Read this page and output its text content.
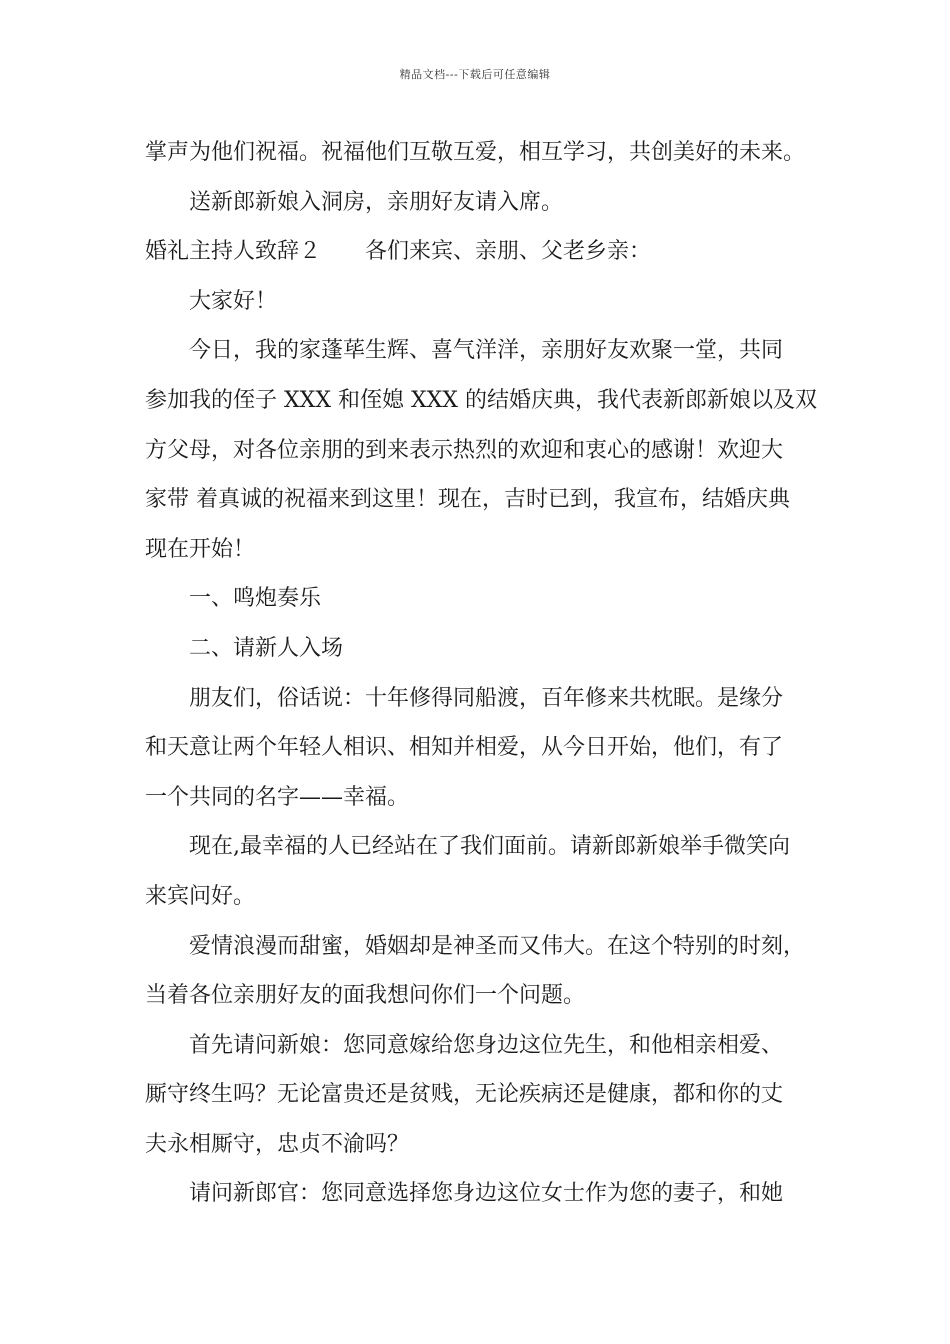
精品文档---下载后可任意编辑
掌声为他们祝福。祝福他们互敬互爱，相互学习，共创美好的未来。
送新郎新娘入洞房，亲朋好友请入席。
婚礼主持人致辞２ 各们来宾、亲朋、父老乡亲：
大家好！
今日，我的家蓬荜生辉、喜气洋洋，亲朋好友欢聚一堂，共同
参加我的侄子 XXX 和侄媳 XXX 的结婚庆典，我代表新郎新娘以及双
方父母，对各位亲朋的到来表示热烈的欢迎和衷心的感谢！欢迎大
家带 着真诚的祝福来到这里！现在，吉时已到，我宣布，结婚庆典
现在开始！
一、鸣炮奏乐
二、请新人入场
朋友们，俗话说：十年修得同船渡，百年修来共枕眠。是缘分
和天意让两个年轻人相识、相知并相爱，从今日开始，他们，有了
一个共同的名字——幸福。
现在,最幸福的人已经站在了我们面前。请新郎新娘举手微笑向
来宾问好。
爱情浪漫而甜蜜，婚姻却是神圣而又伟大。在这个特别的时刻，
当着各位亲朋好友的面我想问你们一个问题。
首先请问新娘：您同意嫁给您身边这位先生，和他相亲相爱、
厮守终生吗？无论富贵还是贫贱，无论疾病还是健康，都和你的丈
夫永相厮守，忠贞不渝吗？
请问新郎官：您同意选择您身边这位女士作为您的妻子，和她
